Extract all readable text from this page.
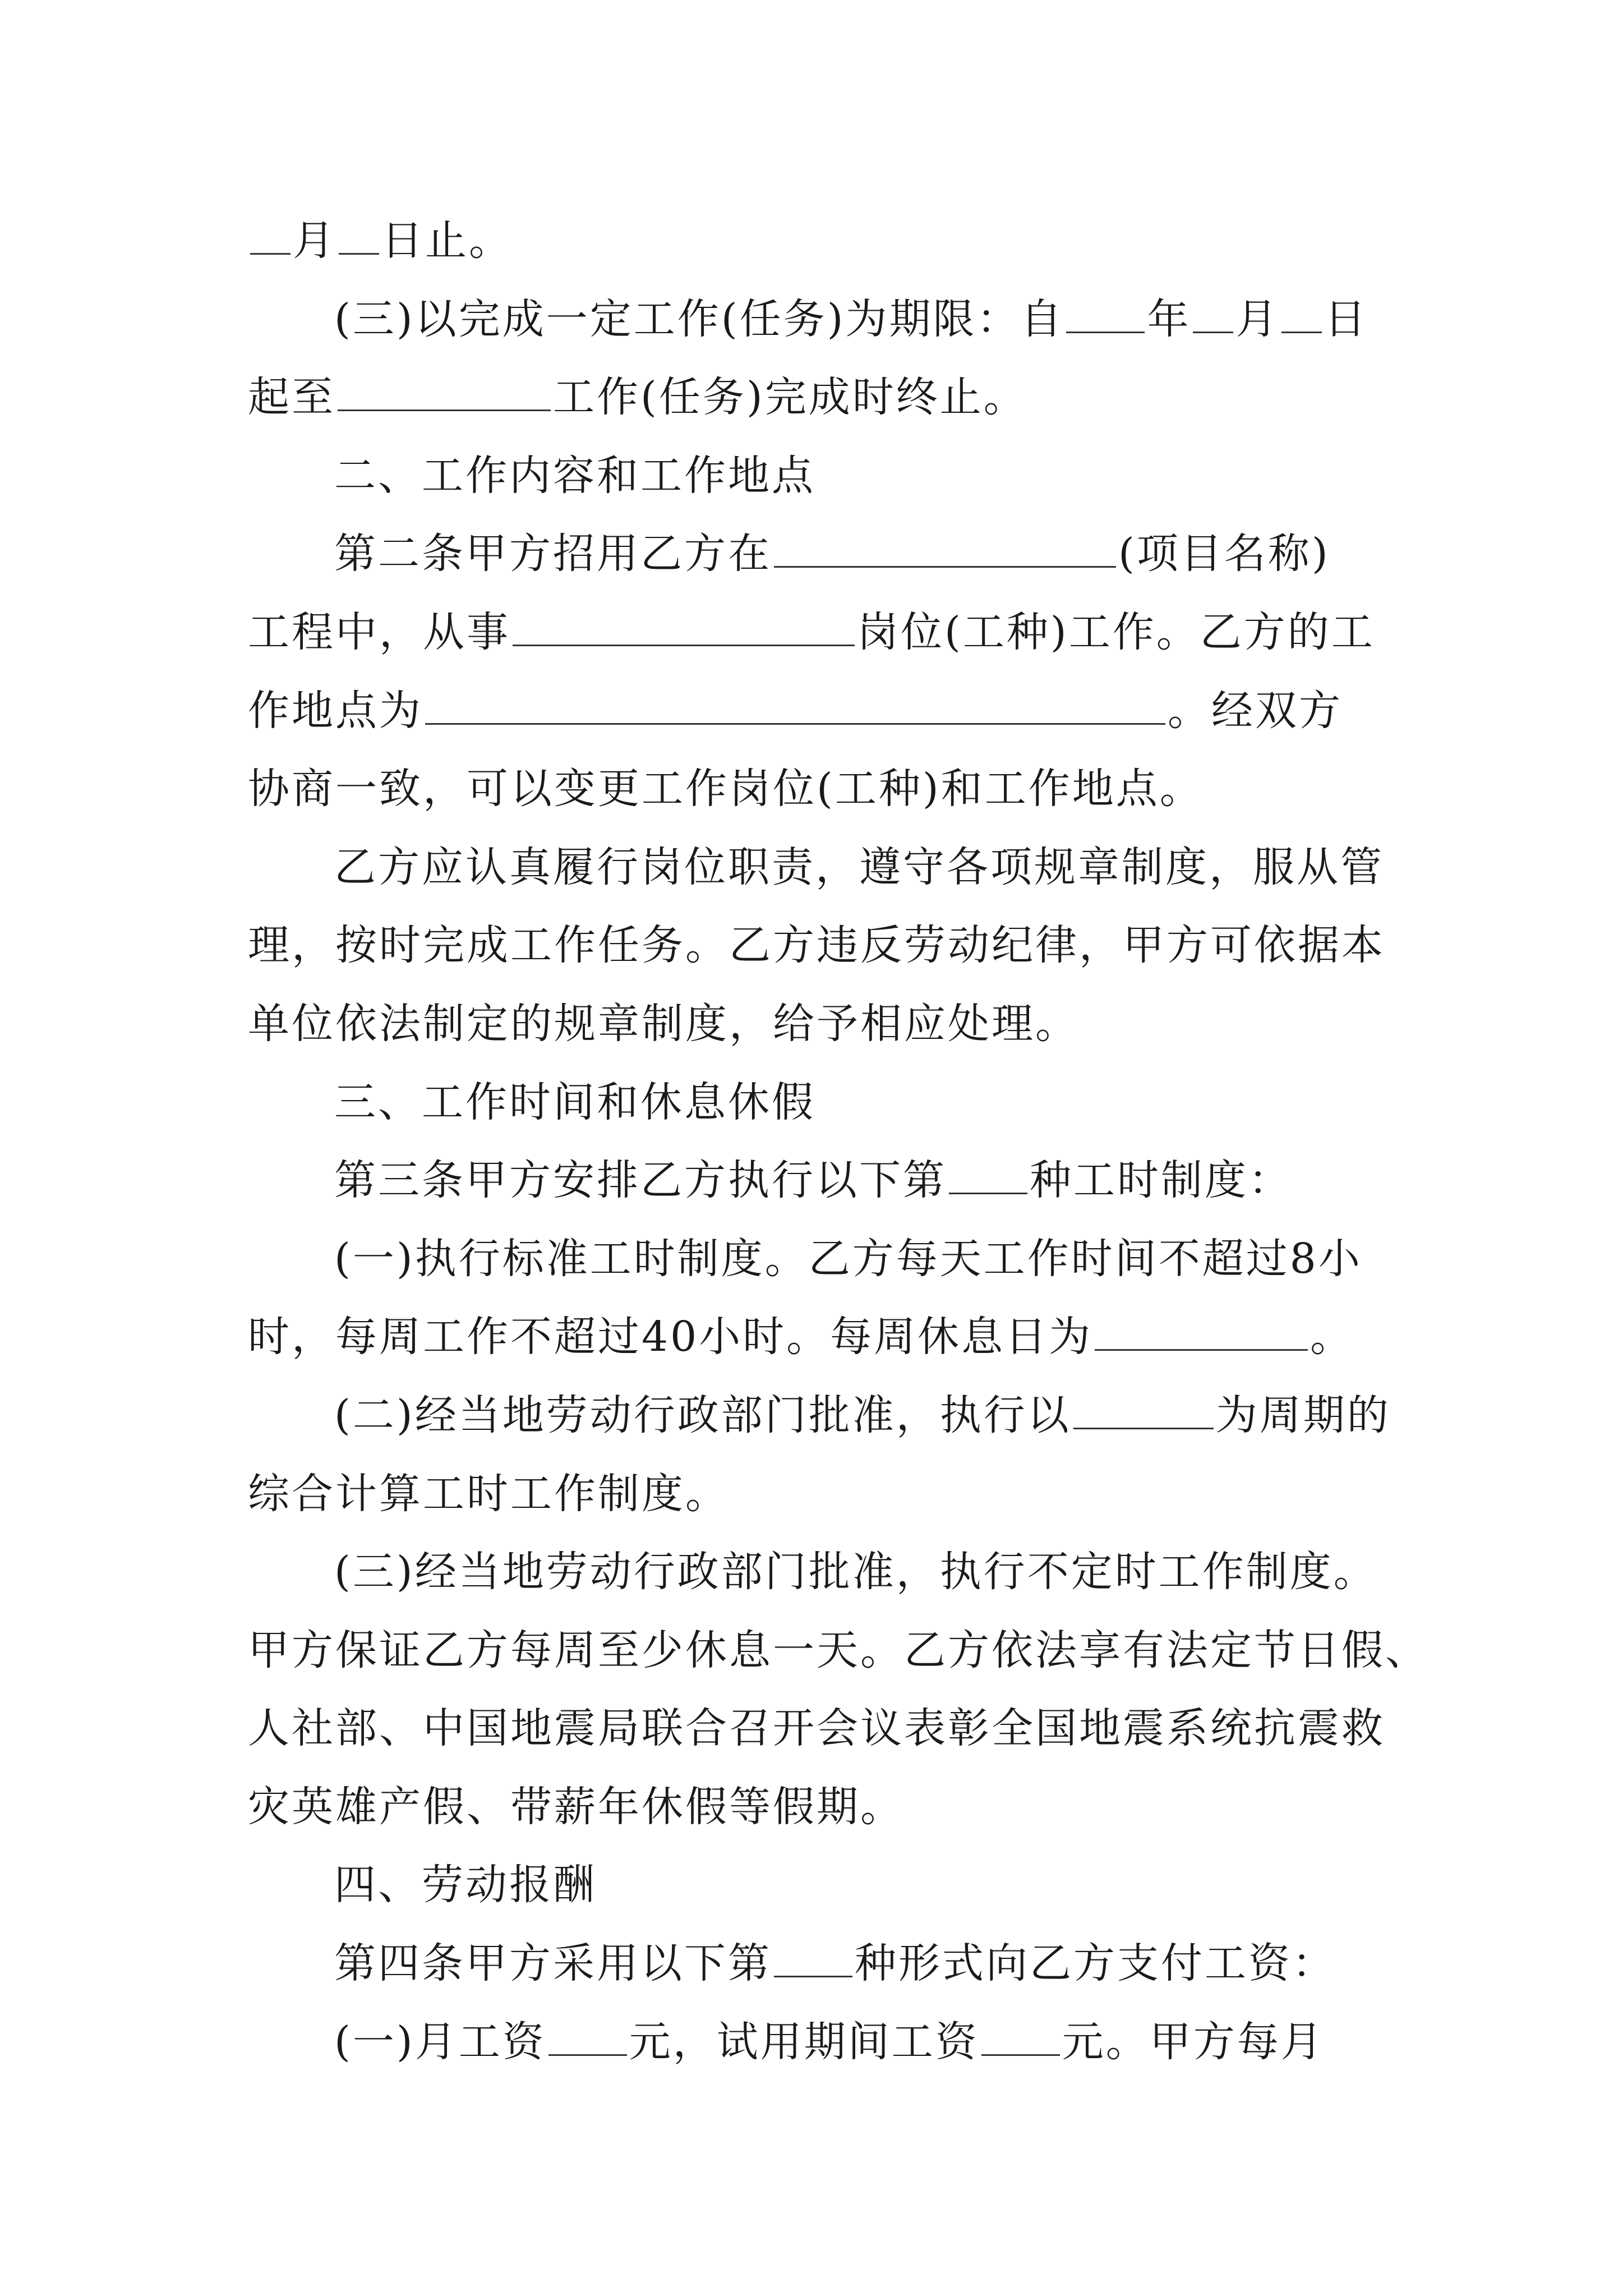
月 日止。
(三)以完成一定工作(任务)为期限：自 年 月 日
起至	工作(任务)完成时终止。
二、工作内容和工作地点
第二条甲方招用乙方在	(项目名称)
工程中，从事	岗位(工种)工作。乙方的工
作地点为	。经双方
协商一致，可以变更工作岗位(工种)和工作地点。
乙方应认真履行岗位职责，遵守各项规章制度，服从管
理，按时完成工作任务。乙方违反劳动纪律，甲方可依据本
单位依法制定的规章制度，给予相应处理。
三、工作时间和休息休假
第三条甲方安排乙方执行以下第 种工时制度：
(一)执行标准工时制度。乙方每天工作时间不超过8小
时，每周工作不超过40小时。每周休息日为	。
(二)经当地劳动行政部门批准，执行以	为周期的
综合计算工时工作制度。
(三)经当地劳动行政部门批准，执行不定时工作制度。
甲方保证乙方每周至少休息一天。乙方依法享有法定节日假、
人社部、中国地震局联合召开会议表彰全国地震系统抗震救
灾英雄产假、带薪年休假等假期。
四、劳动报酬
第四条甲方采用以下第 种形式向乙方支付工资：
(一)月工资 元，试用期间工资 元。甲方每月
